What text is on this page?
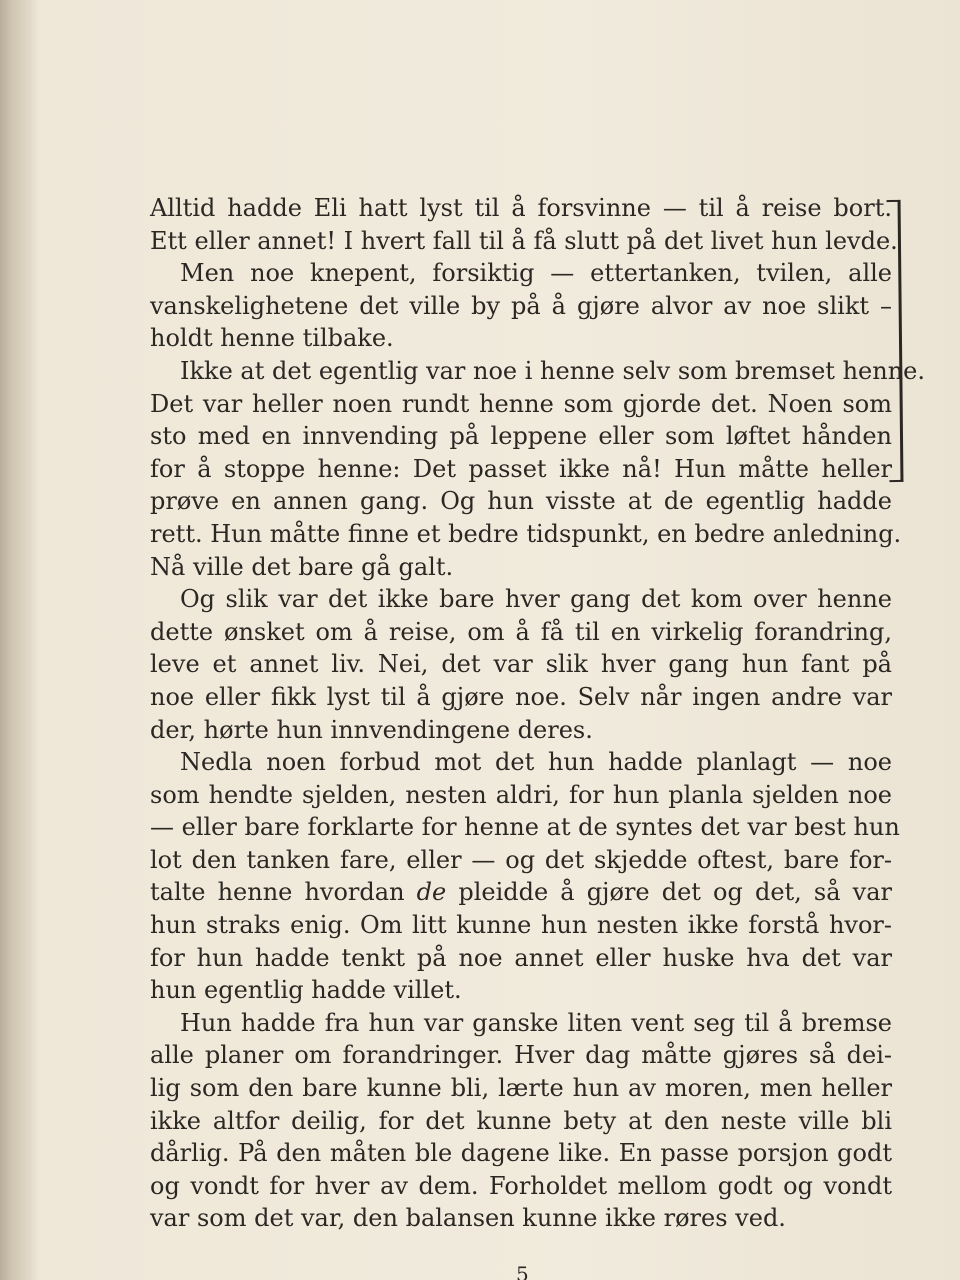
Alltid hadde Eli hatt lyst til å forsvinne — til å reise bort.
Ett eller annet! I hvert fall til å få slutt på det livet hun levde.
Men noe knepent, forsiktig — ettertanken, tvilen, alle
vanskelighetene det ville by på å gjøre alvor av noe slikt –
holdt henne tilbake.
Ikke at det egentlig var noe i henne selv som bremset henne.
Det var heller noen rundt henne som gjorde det. Noen som
sto med en innvending på leppene eller som løftet hånden
for å stoppe henne: Det passet ikke nå! Hun måtte heller
prøve en annen gang. Og hun visste at de egentlig hadde
rett. Hun måtte finne et bedre tidspunkt, en bedre anledning.
Nå ville det bare gå galt.
Og slik var det ikke bare hver gang det kom over henne
dette ønsket om å reise, om å få til en virkelig forandring,
leve et annet liv. Nei, det var slik hver gang hun fant på
noe eller fikk lyst til å gjøre noe. Selv når ingen andre var
der, hørte hun innvendingene deres.
Nedla noen forbud mot det hun hadde planlagt — noe
som hendte sjelden, nesten aldri, for hun planla sjelden noe
— eller bare forklarte for henne at de syntes det var best hun
lot den tanken fare, eller — og det skjedde oftest, bare for-
talte henne hvordan de pleidde å gjøre det og det, så var
hun straks enig. Om litt kunne hun nesten ikke forstå hvor-
for hun hadde tenkt på noe annet eller huske hva det var
hun egentlig hadde villet.
Hun hadde fra hun var ganske liten vent seg til å bremse
alle planer om forandringer. Hver dag måtte gjøres så dei-
lig som den bare kunne bli, lærte hun av moren, men heller
ikke altfor deilig, for det kunne bety at den neste ville bli
dårlig. På den måten ble dagene like. En passe porsjon godt
og vondt for hver av dem. Forholdet mellom godt og vondt
var som det var, den balansen kunne ikke røres ved.
5
